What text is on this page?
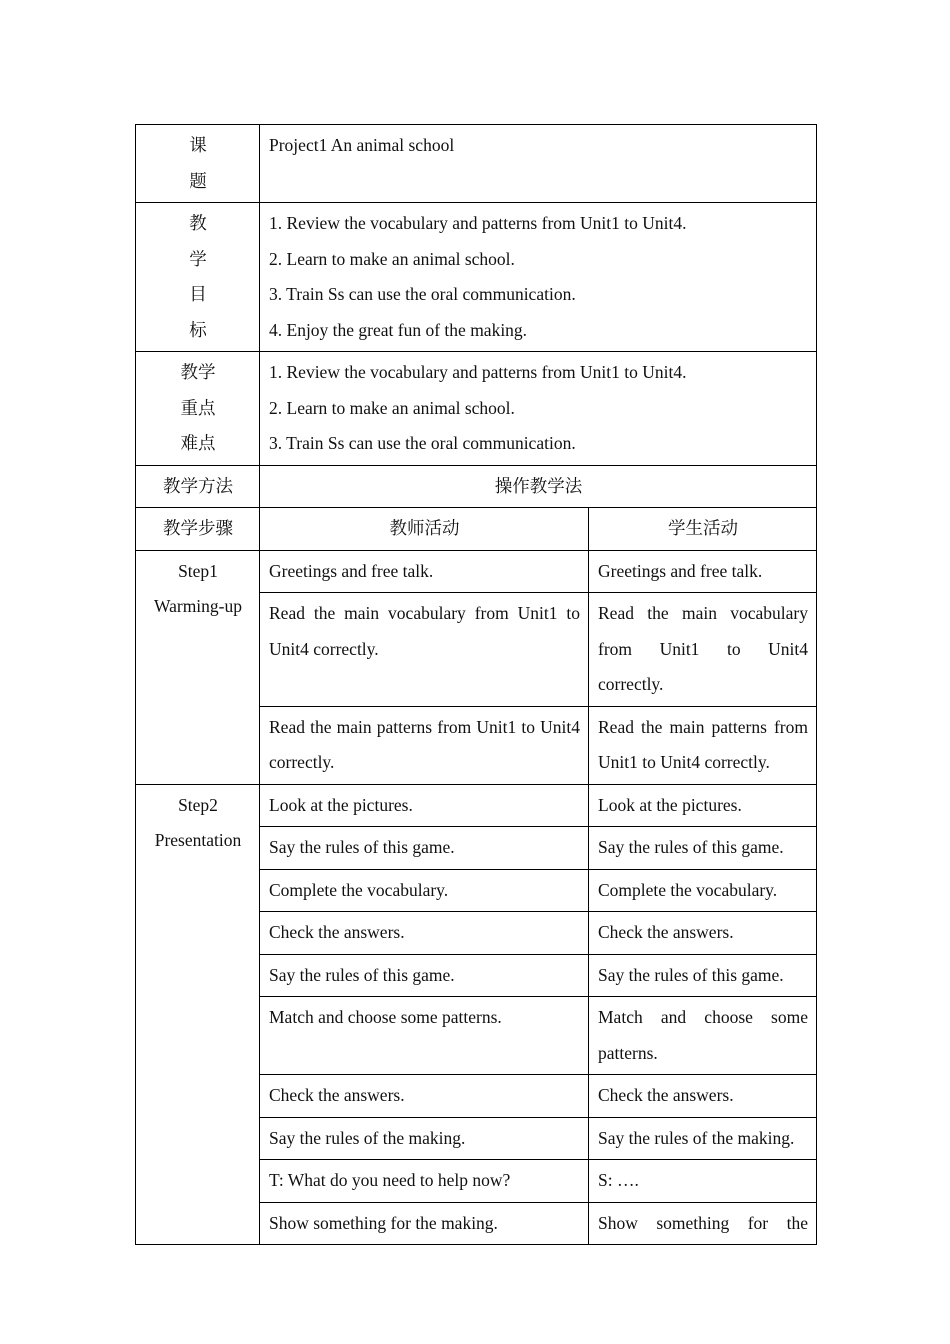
课
题	Project1 An animal school	

教
学
目
标	1. Review the vocabulary and patterns from Unit1 to Unit4.
2. Learn to make an animal school.
3. Train Ss can use the oral communication.
4. Enjoy the great fun of the making.	

教学
重点
难点	1. Review the vocabulary and patterns from Unit1 to Unit4.
2. Learn to make an animal school.
3. Train Ss can use the oral communication.	

教学方法	操作教学法	
教学步骤	教师活动	学生活动

Step1
Warming-up	Greetings and free talk.	Greetings and free talk.
	Read the main vocabulary from Unit1 to Unit4 correctly.	Read the main vocabulary from Unit1 to Unit4 correctly.
	Read the main patterns from Unit1 to Unit4 correctly.	Read the main patterns from Unit1 to Unit4 correctly.

Step2
Presentation	Look at the pictures.	Look at the pictures.
	Say the rules of this game.	Say the rules of this game.
	Complete the vocabulary.	Complete the vocabulary.
	Check the answers.	Check the answers.
	Say the rules of this game.	Say the rules of this game.
	Match and choose some patterns.	Match and choose some patterns.
	Check the answers.	Check the answers.
	Say the rules of the making.	Say the rules of the making.
	T: What do you need to help now?	S: ….
	Show something for the making.	Show something for the
